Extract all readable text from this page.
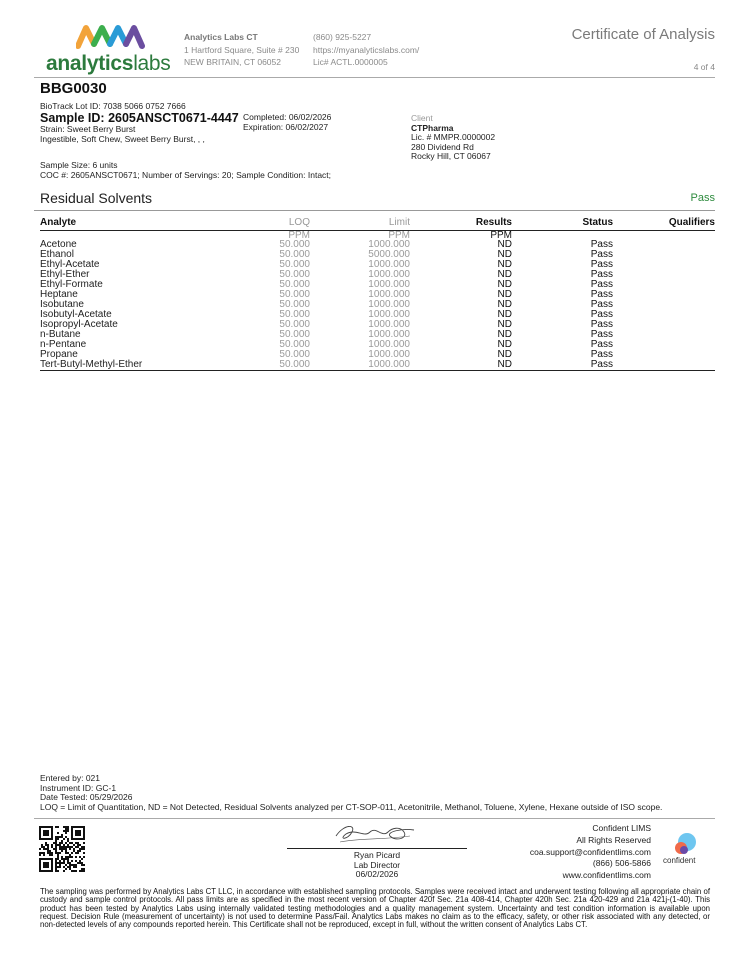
analyticslabs
Analytics Labs CT
1 Hartford Square, Suite # 230
NEW BRITAIN, CT 06052
(860) 925-5227
https://myanalyticslabs.com/
Lic# ACTL.0000005
Certificate of Analysis
4 of 4
BBG0030
BioTrack Lot ID: 7038 5066 0752 7666
Sample ID: 2605ANSCT0671-4447
Strain: Sweet Berry Burst
Ingestible, Soft Chew, Sweet Berry Burst, , ,
Completed: 06/02/2026
Expiration: 06/02/2027
Client
CTPharma
Lic. # MMPR.0000002
280 Dividend Rd
Rocky Hill, CT 06067
Sample Size: 6 units
COC #: 2605ANSCT0671; Number of Servings: 20; Sample Condition: Intact;
Residual Solvents	Pass
Analyte	LOQ	Limit	Results	Status	Qualifiers
	PPM	PPM	PPM		
Acetone	50.000	1000.000	ND	Pass	
Ethanol	50.000	5000.000	ND	Pass	
Ethyl-Acetate	50.000	1000.000	ND	Pass	
Ethyl-Ether	50.000	1000.000	ND	Pass	
Ethyl-Formate	50.000	1000.000	ND	Pass	
Heptane	50.000	1000.000	ND	Pass	
Isobutane	50.000	1000.000	ND	Pass	
Isobutyl-Acetate	50.000	1000.000	ND	Pass	
Isopropyl-Acetate	50.000	1000.000	ND	Pass	
n-Butane	50.000	1000.000	ND	Pass	
n-Pentane	50.000	1000.000	ND	Pass	
Propane	50.000	1000.000	ND	Pass	
Tert-Butyl-Methyl-Ether	50.000	1000.000	ND	Pass	
Entered by: 021
Instrument ID: GC-1
Date Tested: 05/29/2026
LOQ = Limit of Quantitation, ND = Not Detected, Residual Solvents analyzed per CT-SOP-011, Acetonitrile, Methanol, Toluene, Xylene, Hexane outside of ISO scope.
Ryan Picard
Lab Director
06/02/2026
Confident LIMS
All Rights Reserved
coa.support@confidentlims.com
(866) 506-5866
www.confidentlims.com
confident
The sampling was performed by Analytics Labs CT LLC, in accordance with established sampling protocols. Samples were received intact and underwent testing following all appropriate chain of custody and sample control protocols. All pass limits are as specified in the most recent version of Chapter 420f Sec. 21a 408-414, Chapter 420h Sec. 21a 420-429 and 21a 421j-(1-40). This product has been tested by Analytics Labs using internally validated testing methodologies and a quality management system. Uncertainty and test condition information is available upon request. Decision Rule (measurement of uncertainty) is not used to determine Pass/Fail. Analytics Labs makes no claim as to the efficacy, safety, or other risk associated with any detected, or non-detected levels of any compounds reported herein. This Certificate shall not be reproduced, except in full, without the written consent of Analytics Labs CT.
